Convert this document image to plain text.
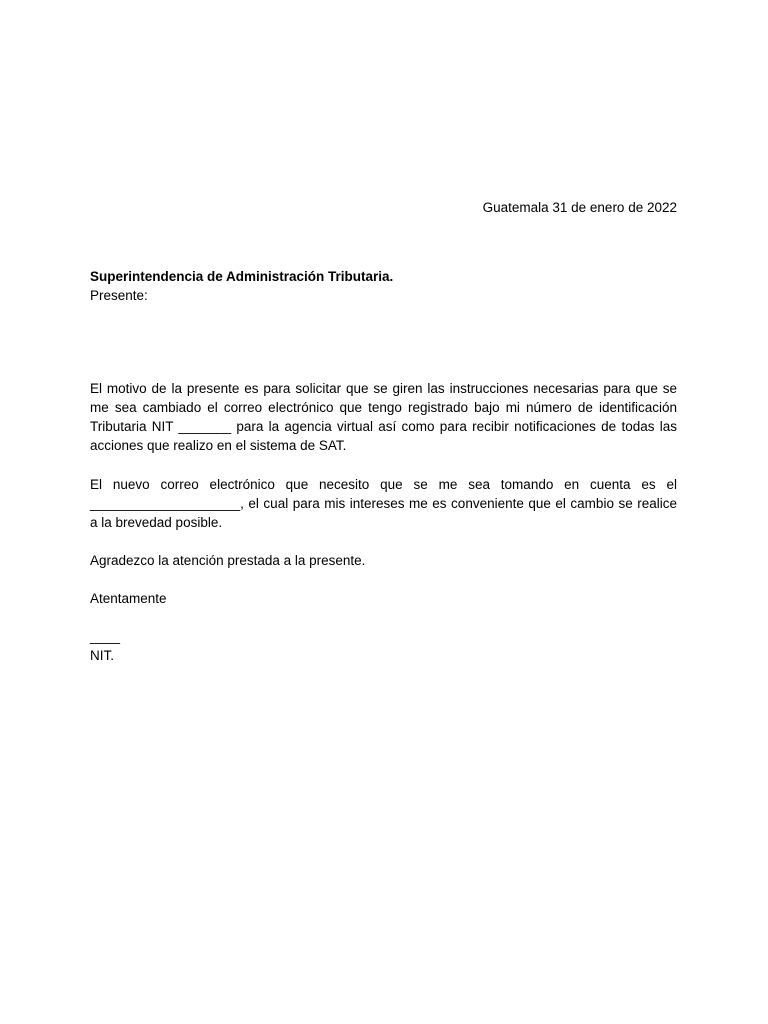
Guatemala 31 de enero de 2022
Superintendencia de Administración Tributaria.
Presente:
El motivo de la presente es para solicitar que se giren las instrucciones necesarias para que se me sea cambiado el correo electrónico que tengo registrado bajo mi número de identificación Tributaria NIT _______ para la agencia virtual así como para recibir notificaciones de todas las acciones que realizo en el sistema de SAT.
El nuevo correo electrónico que necesito que se me sea tomando en cuenta es el ____________________, el cual para mis intereses me es conveniente que el cambio se realice a la brevedad posible.
Agradezco la atención prestada a la presente.
Atentamente
____
NIT.
